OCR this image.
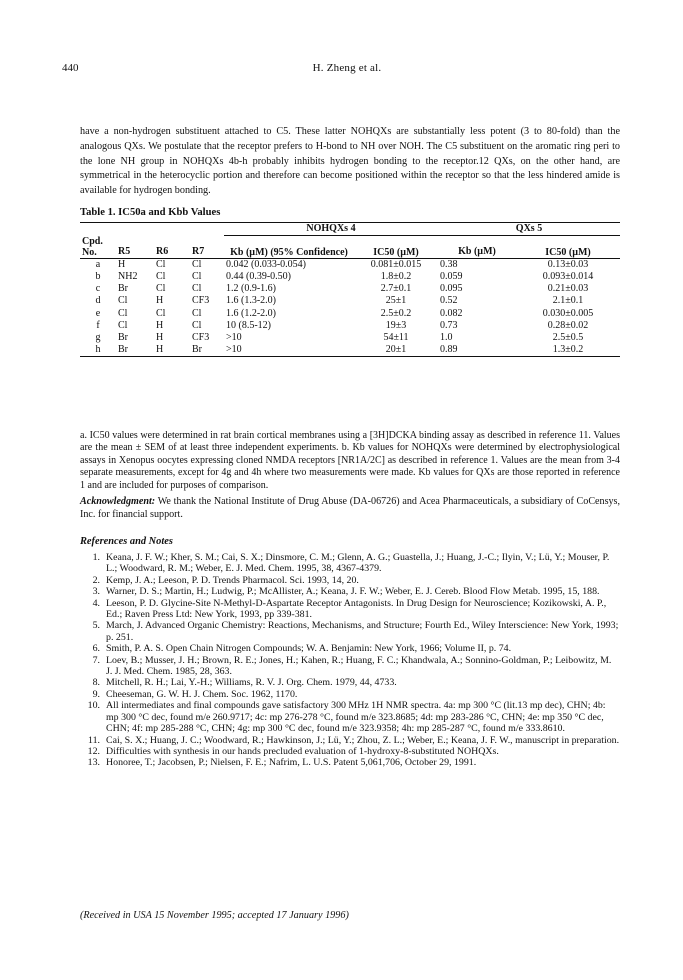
440	H. Zheng et al.

have a non-hydrogen substituent attached to C5. These latter NOHQXs are substantially less potent (3 to 80-fold) than the analogous QXs. We postulate that the receptor prefers to H-bond to NH over NOH. The C5 substituent on the aromatic ring peri to the lone NH group in NOHQXs 4b-h probably inhibits hydrogen bonding to the receptor.12 QXs, on the other hand, are symmetrical in the heterocyclic portion and therefore can become positioned within the receptor so that the less hindered amide is available for hydrogen bonding.

Table 1. IC50a and Kbb Values
				NOHQXs 4		QXs 5	
Cpd. No.	R5	R6	R7	Kb (µM) (95% Confidence)	IC50 (µM)	Kb (µM)	IC50 (µM)
a	H	Cl	Cl	0.042 (0.033-0.054)	0.081±0.015	0.38	0.13±0.03
b	NH2	Cl	Cl	0.44 (0.39-0.50)	1.8±0.2	0.059	0.093±0.014
c	Br	Cl	Cl	1.2 (0.9-1.6)	2.7±0.1	0.095	0.21±0.03
d	Cl	H	CF3	1.6 (1.3-2.0)	25±1	0.52	2.1±0.1
e	Cl	Cl	Cl	1.6 (1.2-2.0)	2.5±0.2	0.082	0.030±0.005
f	Cl	H	Cl	10 (8.5-12)	19±3	0.73	0.28±0.02
g	Br	H	CF3	>10	54±11	1.0	2.5±0.5
h	Br	H	Br	>10	20±1	0.89	1.3±0.2
a. IC50 values were determined in rat brain cortical membranes using a [3H]DCKA binding assay as described in reference 11. Values are the mean ± SEM of at least three independent experiments. b. Kb values for NOHQXs were determined by electrophysiological assays in Xenopus oocytes expressing cloned NMDA receptors [NR1A/2C] as described in reference 1. Values are the mean from 3-4 separate measurements, except for 4g and 4h where two measurements were made. Kb values for QXs are those reported in reference 1 and are included for purposes of comparison.
Acknowledgment: We thank the National Institute of Drug Abuse (DA-06726) and Acea Pharmaceuticals, a subsidiary of CoCensys, Inc. for financial support.
References and Notes
1. Keana, J. F. W.; Kher, S. M.; Cai, S. X.; Dinsmore, C. M.; Glenn, A. G.; Guastella, J.; Huang, J.-C.; Ilyin, V.; Lü, Y.; Mouser, P. L.; Woodward, R. M.; Weber, E. J. Med. Chem. 1995, 38, 4367-4379.
2. Kemp, J. A.; Leeson, P. D. Trends Pharmacol. Sci. 1993, 14, 20.
3. Warner, D. S.; Martin, H.; Ludwig, P.; McAllister, A.; Keana, J. F. W.; Weber, E. J. Cereb. Blood Flow Metab. 1995, 15, 188.
4. Leeson, P. D. Glycine-Site N-Methyl-D-Aspartate Receptor Antagonists. In Drug Design for Neuroscience; Kozikowski, A. P., Ed.; Raven Press Ltd: New York, 1993, pp 339-381.
5. March, J. Advanced Organic Chemistry: Reactions, Mechanisms, and Structure; Fourth Ed., Wiley Interscience: New York, 1993; p. 251.
6. Smith, P. A. S. Open Chain Nitrogen Compounds; W. A. Benjamin: New York, 1966; Volume II, p. 74.
7. Loev, B.; Musser, J. H.; Brown, R. E.; Jones, H.; Kahen, R.; Huang, F. C.; Khandwala, A.; Sonnino-Goldman, P.; Leibowitz, M. J. J. Med. Chem. 1985, 28, 363.
8. Mitchell, R. H.; Lai, Y.-H.; Williams, R. V. J. Org. Chem. 1979, 44, 4733.
9. Cheeseman, G. W. H. J. Chem. Soc. 1962, 1170.
10. All intermediates and final compounds gave satisfactory 300 MHz 1H NMR spectra. 4a: mp 300 °C (lit.13 mp dec), CHN; 4b: mp 300 °C dec, found m/e 260.9717; 4c: mp 276-278 °C, found m/e 323.8685; 4d: mp 283-286 °C, CHN; 4e: mp 350 °C dec, CHN; 4f: mp 285-288 °C, CHN; 4g: mp 300 °C dec, found m/e 323.9358; 4h: mp 285-287 °C, found m/e 333.8610.
11. Cai, S. X.; Huang, J. C.; Woodward, R.; Hawkinson, J.; Lü, Y.; Zhou, Z. L.; Weber, E.; Keana, J. F. W., manuscript in preparation.
12. Difficulties with synthesis in our hands precluded evaluation of 1-hydroxy-8-substituted NOHQXs.
13. Honoree, T.; Jacobsen, P.; Nielsen, F. E.; Nafrim, L. U.S. Patent 5,061,706, October 29, 1991.
(Received in USA 15 November 1995; accepted 17 January 1996)
